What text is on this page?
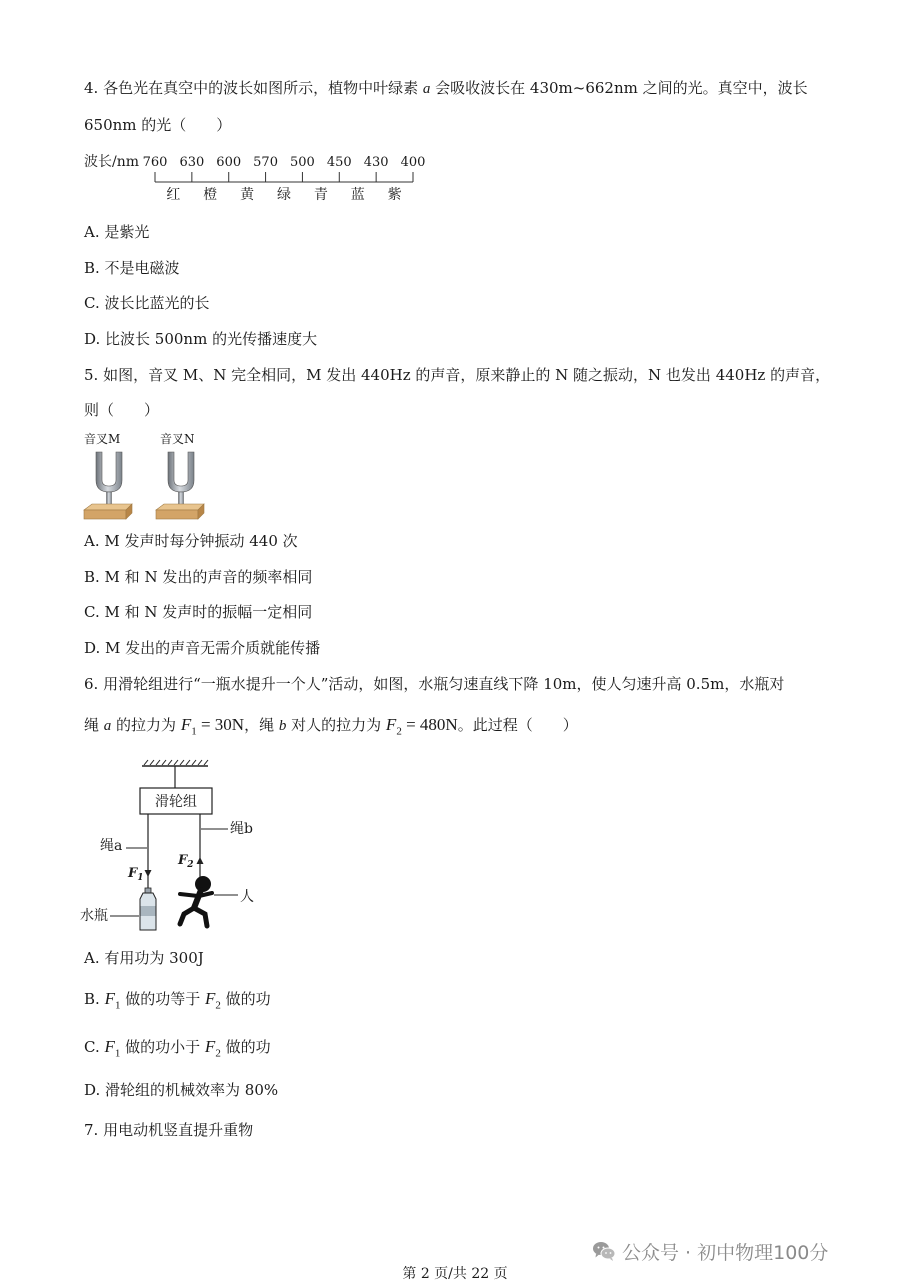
4. 各色光在真空中的波长如图所示，植物中叶绿素 a 会吸收波长在 430m~662nm 之间的光。真空中，波长
650nm 的光（　　）
波长/nm 760 630 600 570 500 450 430 400
红 橙 黄 绿 青 蓝 紫
A. 是紫光
B. 不是电磁波
C. 波长比蓝光的长
D. 比波长 500nm 的光传播速度大
5. 如图，音叉 M、N 完全相同，M 发出 440Hz 的声音，原来静止的 N 随之振动，N 也发出 440Hz 的声音，
则（　　）
音叉M	音叉N
A. M 发声时每分钟振动 440 次
B. M 和 N 发出的声音的频率相同
C. M 和 N 发声时的振幅一定相同
D. M 发出的声音无需介质就能传播
6. 用滑轮组进行“一瓶水提升一个人”活动，如图，水瓶匀速直线下降 10m，使人匀速升高 0.5m，水瓶对
绳 a 的拉力为 $F_1 = 30N$，绳 b 对人的拉力为 $F_2 = 480N$。此过程（　　）
滑轮组
绳a
绳b
$F_1$
$F_2$
水瓶
人
A. 有用功为 300J
B. $F_1$ 做的功等于 $F_2$ 做的功
C. $F_1$ 做的功小于 $F_2$ 做的功
D. 滑轮组的机械效率为 80%
7. 用电动机竖直提升重物
公众号 · 初中物理100分
第 2 页/共 22 页
